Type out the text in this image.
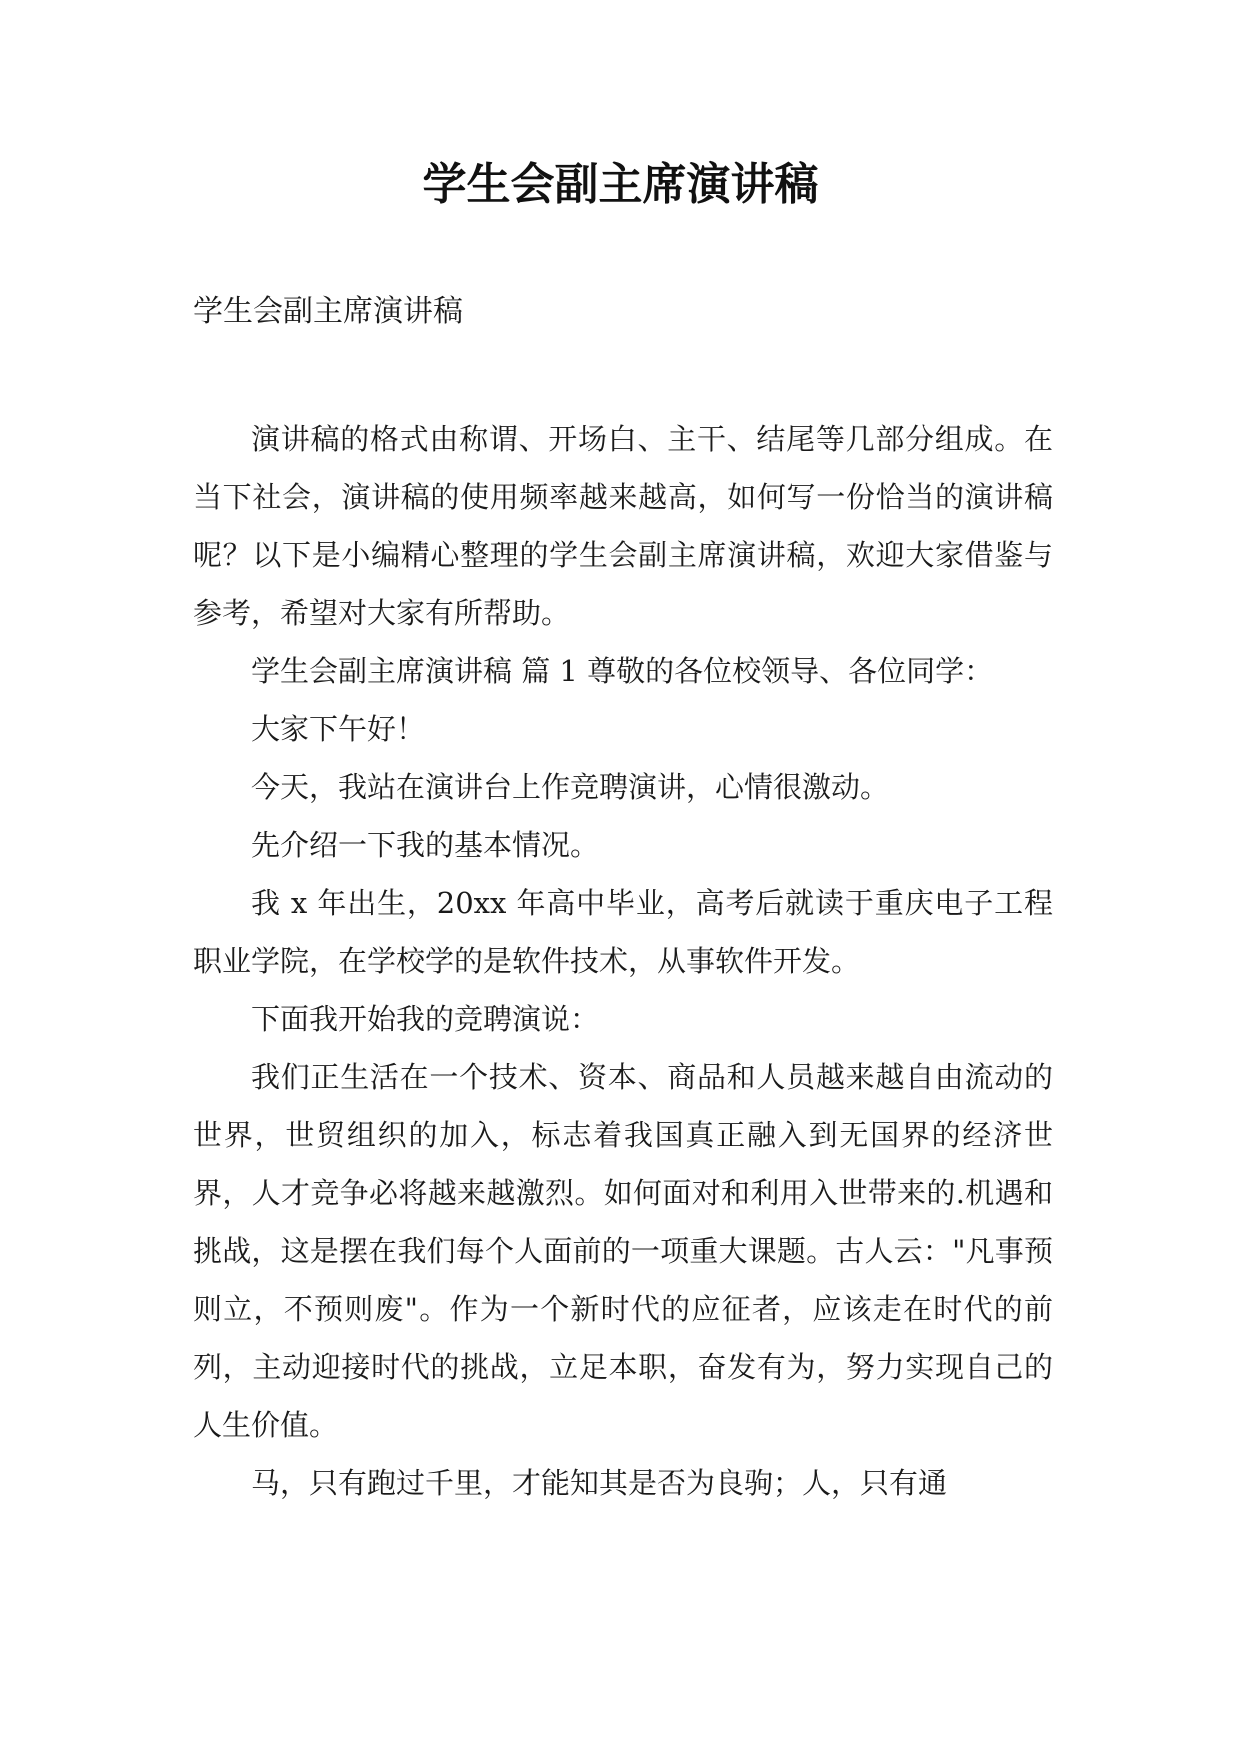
学生会副主席演讲稿
学生会副主席演讲稿

演讲稿的格式由称谓、开场白、主干、结尾等几部分组成。在当下社会，演讲稿的使用频率越来越高，如何写一份恰当的演讲稿呢？以下是小编精心整理的学生会副主席演讲稿，欢迎大家借鉴与参考，希望对大家有所帮助。

学生会副主席演讲稿 篇 1 尊敬的各位校领导、各位同学：

大家下午好！

今天，我站在演讲台上作竞聘演讲，心情很激动。

先介绍一下我的基本情况。

我 x 年出生，20xx 年高中毕业，高考后就读于重庆电子工程职业学院，在学校学的是软件技术，从事软件开发。

下面我开始我的竞聘演说：

我们正生活在一个技术、资本、商品和人员越来越自由流动的世界，世贸组织的加入，标志着我国真正融入到无国界的经济世界，人才竞争必将越来越激烈。如何面对和利用入世带来的.机遇和挑战，这是摆在我们每个人面前的一项重大课题。古人云："凡事预则立，不预则废"。作为一个新时代的应征者，应该走在时代的前列，主动迎接时代的挑战，立足本职，奋发有为，努力实现自己的人生价值。

马，只有跑过千里，才能知其是否为良驹；人，只有通
